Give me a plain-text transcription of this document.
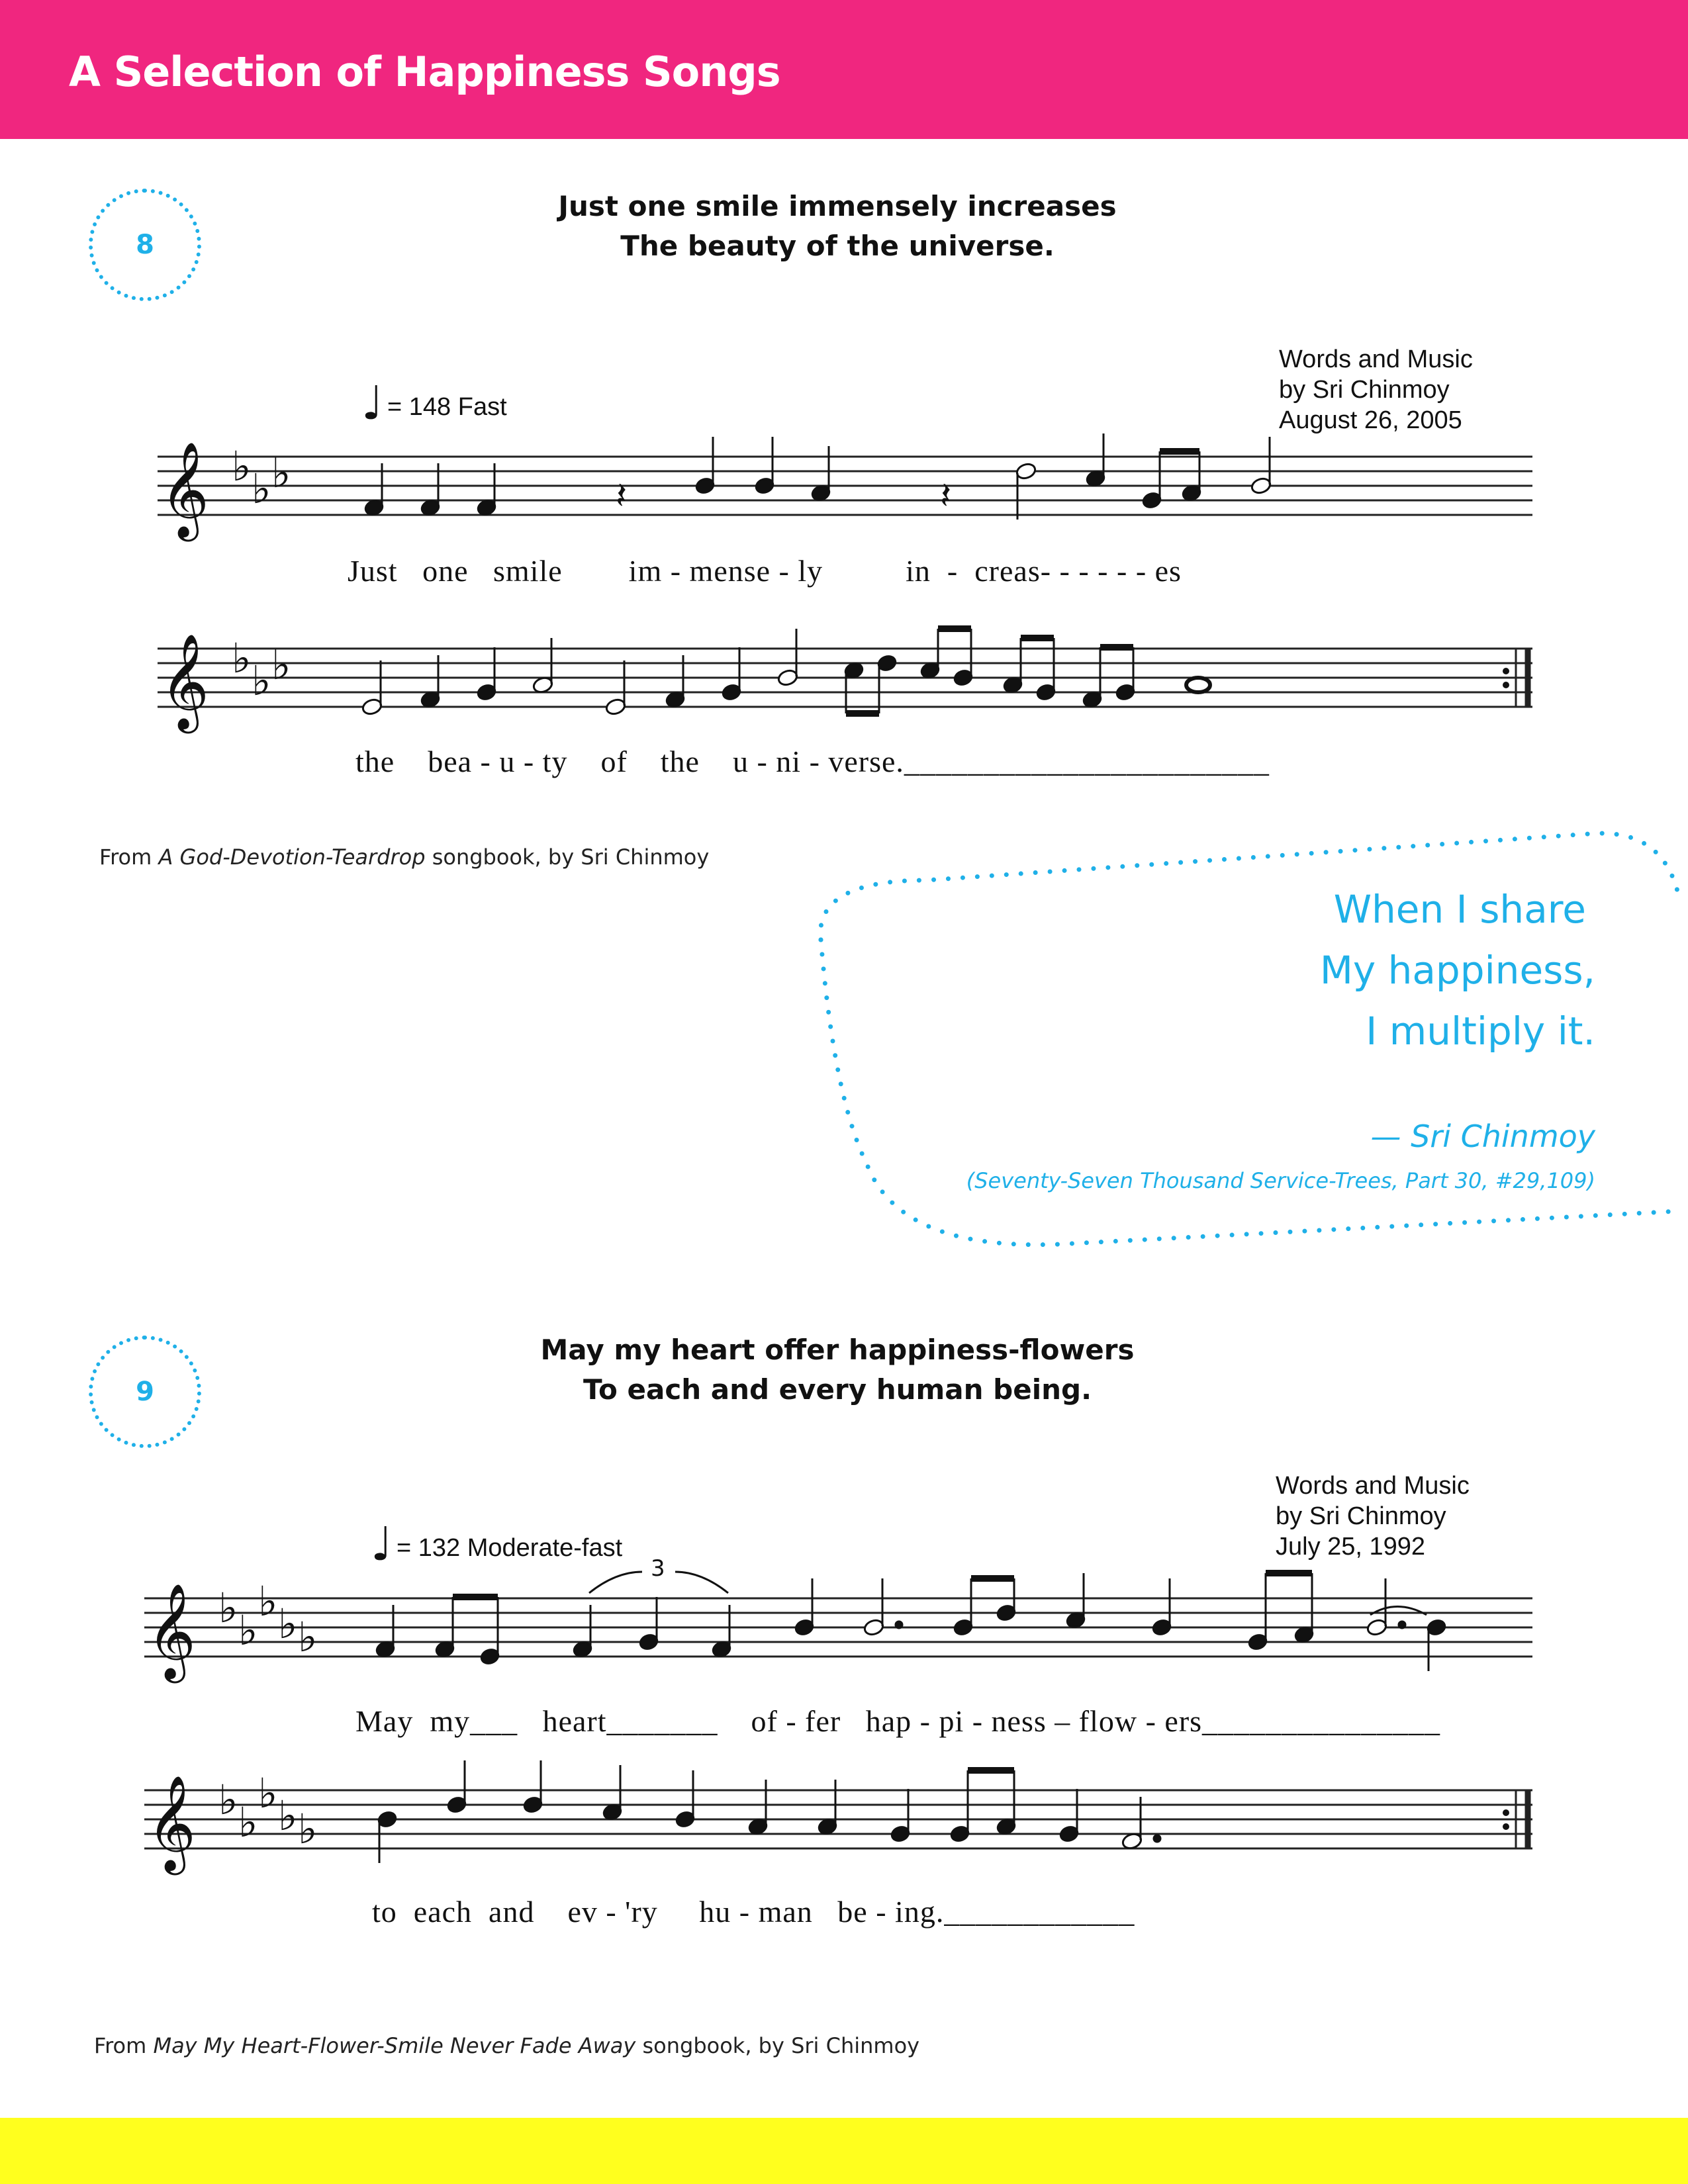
A Selection of Happiness Songs
8
Just one smile immensely increases
The beauty of the universe.
Words and Music
by Sri Chinmoy
August 26, 2005
♩ = 148 Fast
𝄞 ♭ ♭ ♭	𝄽	𝄽
Just   one   smile        im - mense - ly          in  -  creas- - - - - - es
𝄞 ♭ ♭ ♭
the    bea - u - ty    of    the    u - ni - verse._______________________
From A God-Devotion-Teardrop songbook, by Sri Chinmoy
When I share
My happiness,
I multiply it.
— Sri Chinmoy
(Seventy-Seven Thousand Service-Trees, Part 30, #29,109)
9
May my heart offer happiness-flowers
To each and every human being.
Words and Music
by Sri Chinmoy
July 25, 1992
♩ = 132 Moderate-fast
𝄞 ♭ ♭
♭ ♭ ♭
3
May  my___   heart_______    of - fer   hap - pi - ness – flow - ers_______________
𝄞 ♭ ♭
♭ ♭ ♭
to  each  and    ev - 'ry     hu - man   be - ing.____________
From May My Heart-Flower-Smile Never Fade Away songbook, by Sri Chinmoy
